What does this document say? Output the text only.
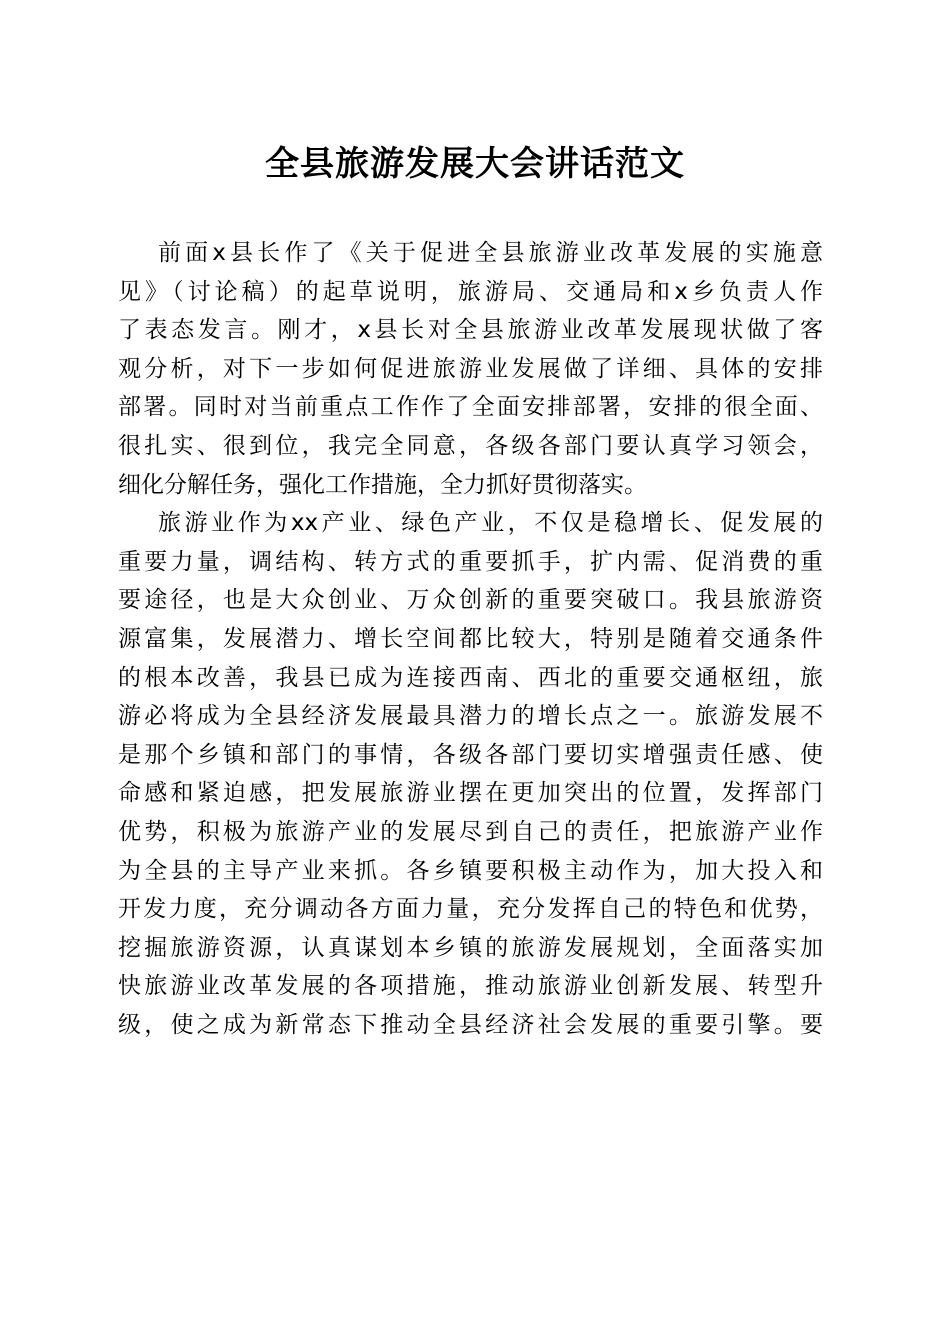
全县旅游发展大会讲话范文
前面x县长作了《关于促进全县旅游业改革发展的实施意
见》（讨论稿）的起草说明，旅游局、交通局和x乡负责人作
了表态发言。刚才，x县长对全县旅游业改革发展现状做了客
观分析，对下一步如何促进旅游业发展做了详细、具体的安排
部署。同时对当前重点工作作了全面安排部署，安排的很全面、
很扎实、很到位，我完全同意，各级各部门要认真学习领会，
细化分解任务，强化工作措施，全力抓好贯彻落实。
旅游业作为xx产业、绿色产业，不仅是稳增长、促发展的
重要力量，调结构、转方式的重要抓手，扩内需、促消费的重
要途径，也是大众创业、万众创新的重要突破口。我县旅游资
源富集，发展潜力、增长空间都比较大，特别是随着交通条件
的根本改善，我县已成为连接西南、西北的重要交通枢纽，旅
游必将成为全县经济发展最具潜力的增长点之一。旅游发展不
是那个乡镇和部门的事情，各级各部门要切实增强责任感、使
命感和紧迫感，把发展旅游业摆在更加突出的位置，发挥部门
优势，积极为旅游产业的发展尽到自己的责任，把旅游产业作
为全县的主导产业来抓。各乡镇要积极主动作为，加大投入和
开发力度，充分调动各方面力量，充分发挥自己的特色和优势，
挖掘旅游资源，认真谋划本乡镇的旅游发展规划，全面落实加
快旅游业改革发展的各项措施，推动旅游业创新发展、转型升
级，使之成为新常态下推动全县经济社会发展的重要引擎。要
